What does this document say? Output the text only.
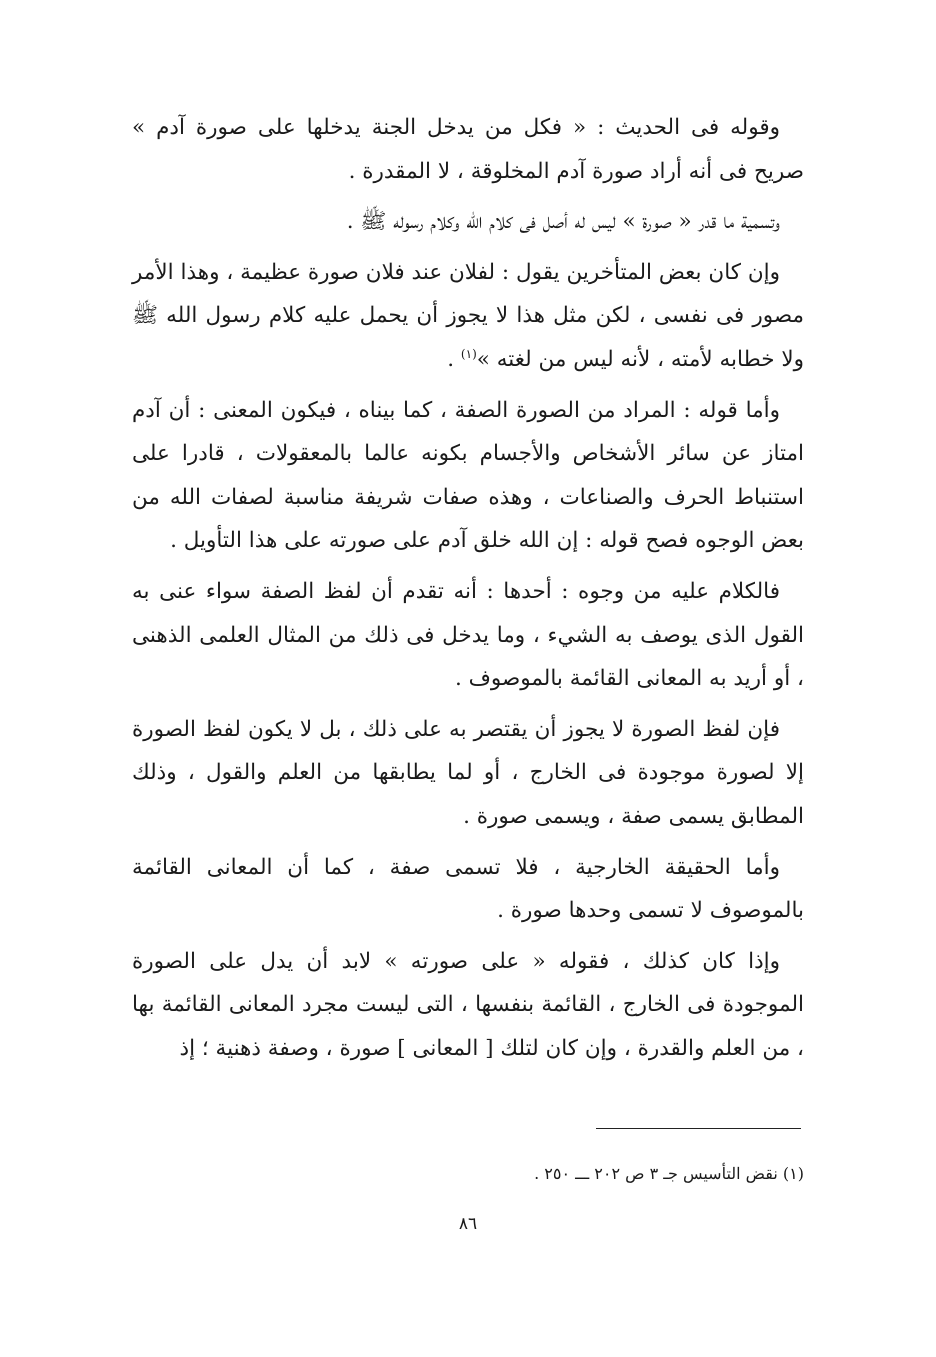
وقوله فى الحديث : « فكل من يدخل الجنة يدخلها على صورة آدم » صريح فى أنه أراد صورة آدم المخلوقة ، لا المقدرة .

وتسمية ما قدر « صورة » ليس له أصل فى كلام الله وكلام رسوله ﷺ .

وإن كان بعض المتأخرين يقول : لفلان عند فلان صورة عظيمة ، وهذا الأمر مصور فى نفسى ، لكن مثل هذا لا يجوز أن يحمل عليه كلام رسول الله ﷺ ولا خطابه لأمته ، لأنه ليس من لغته »$^{(١)}$ .

وأما قوله : المراد من الصورة الصفة ، كما بيناه ، فيكون المعنى : أن آدم امتاز عن سائر الأشخاص والأجسام بكونه عالما بالمعقولات ، قادرا على استنباط الحرف والصناعات ، وهذه صفات شريفة مناسبة لصفات الله من بعض الوجوه فصح قوله : إن الله خلق آدم على صورته على هذا التأويل .

فالكلام عليه من وجوه : أحدها : أنه تقدم أن لفظ الصفة سواء عنى به القول الذى يوصف به الشيء ، وما يدخل فى ذلك من المثال العلمى الذهنى ، أو أريد به المعانى القائمة بالموصوف .

فإن لفظ الصورة لا يجوز أن يقتصر به على ذلك ، بل لا يكون لفظ الصورة إلا لصورة موجودة فى الخارج ، أو لما يطابقها من العلم والقول ، وذلك المطابق يسمى صفة ، ويسمى صورة .

وأما الحقيقة الخارجية ، فلا تسمى صفة ، كما أن المعانى القائمة بالموصوف لا تسمى وحدها صورة .

وإذا كان كذلك ، فقوله « على صورته » لابد أن يدل على الصورة الموجودة فى الخارج ، القائمة بنفسها ، التى ليست مجرد المعانى القائمة بها ، من العلم والقدرة ، وإن كان لتلك [ المعانى ] صورة ، وصفة ذهنية ؛ إذ

(١) نقض التأسيس جـ ٣ ص ٢٠٢ ـــ ٢٥٠ .
٨٦
